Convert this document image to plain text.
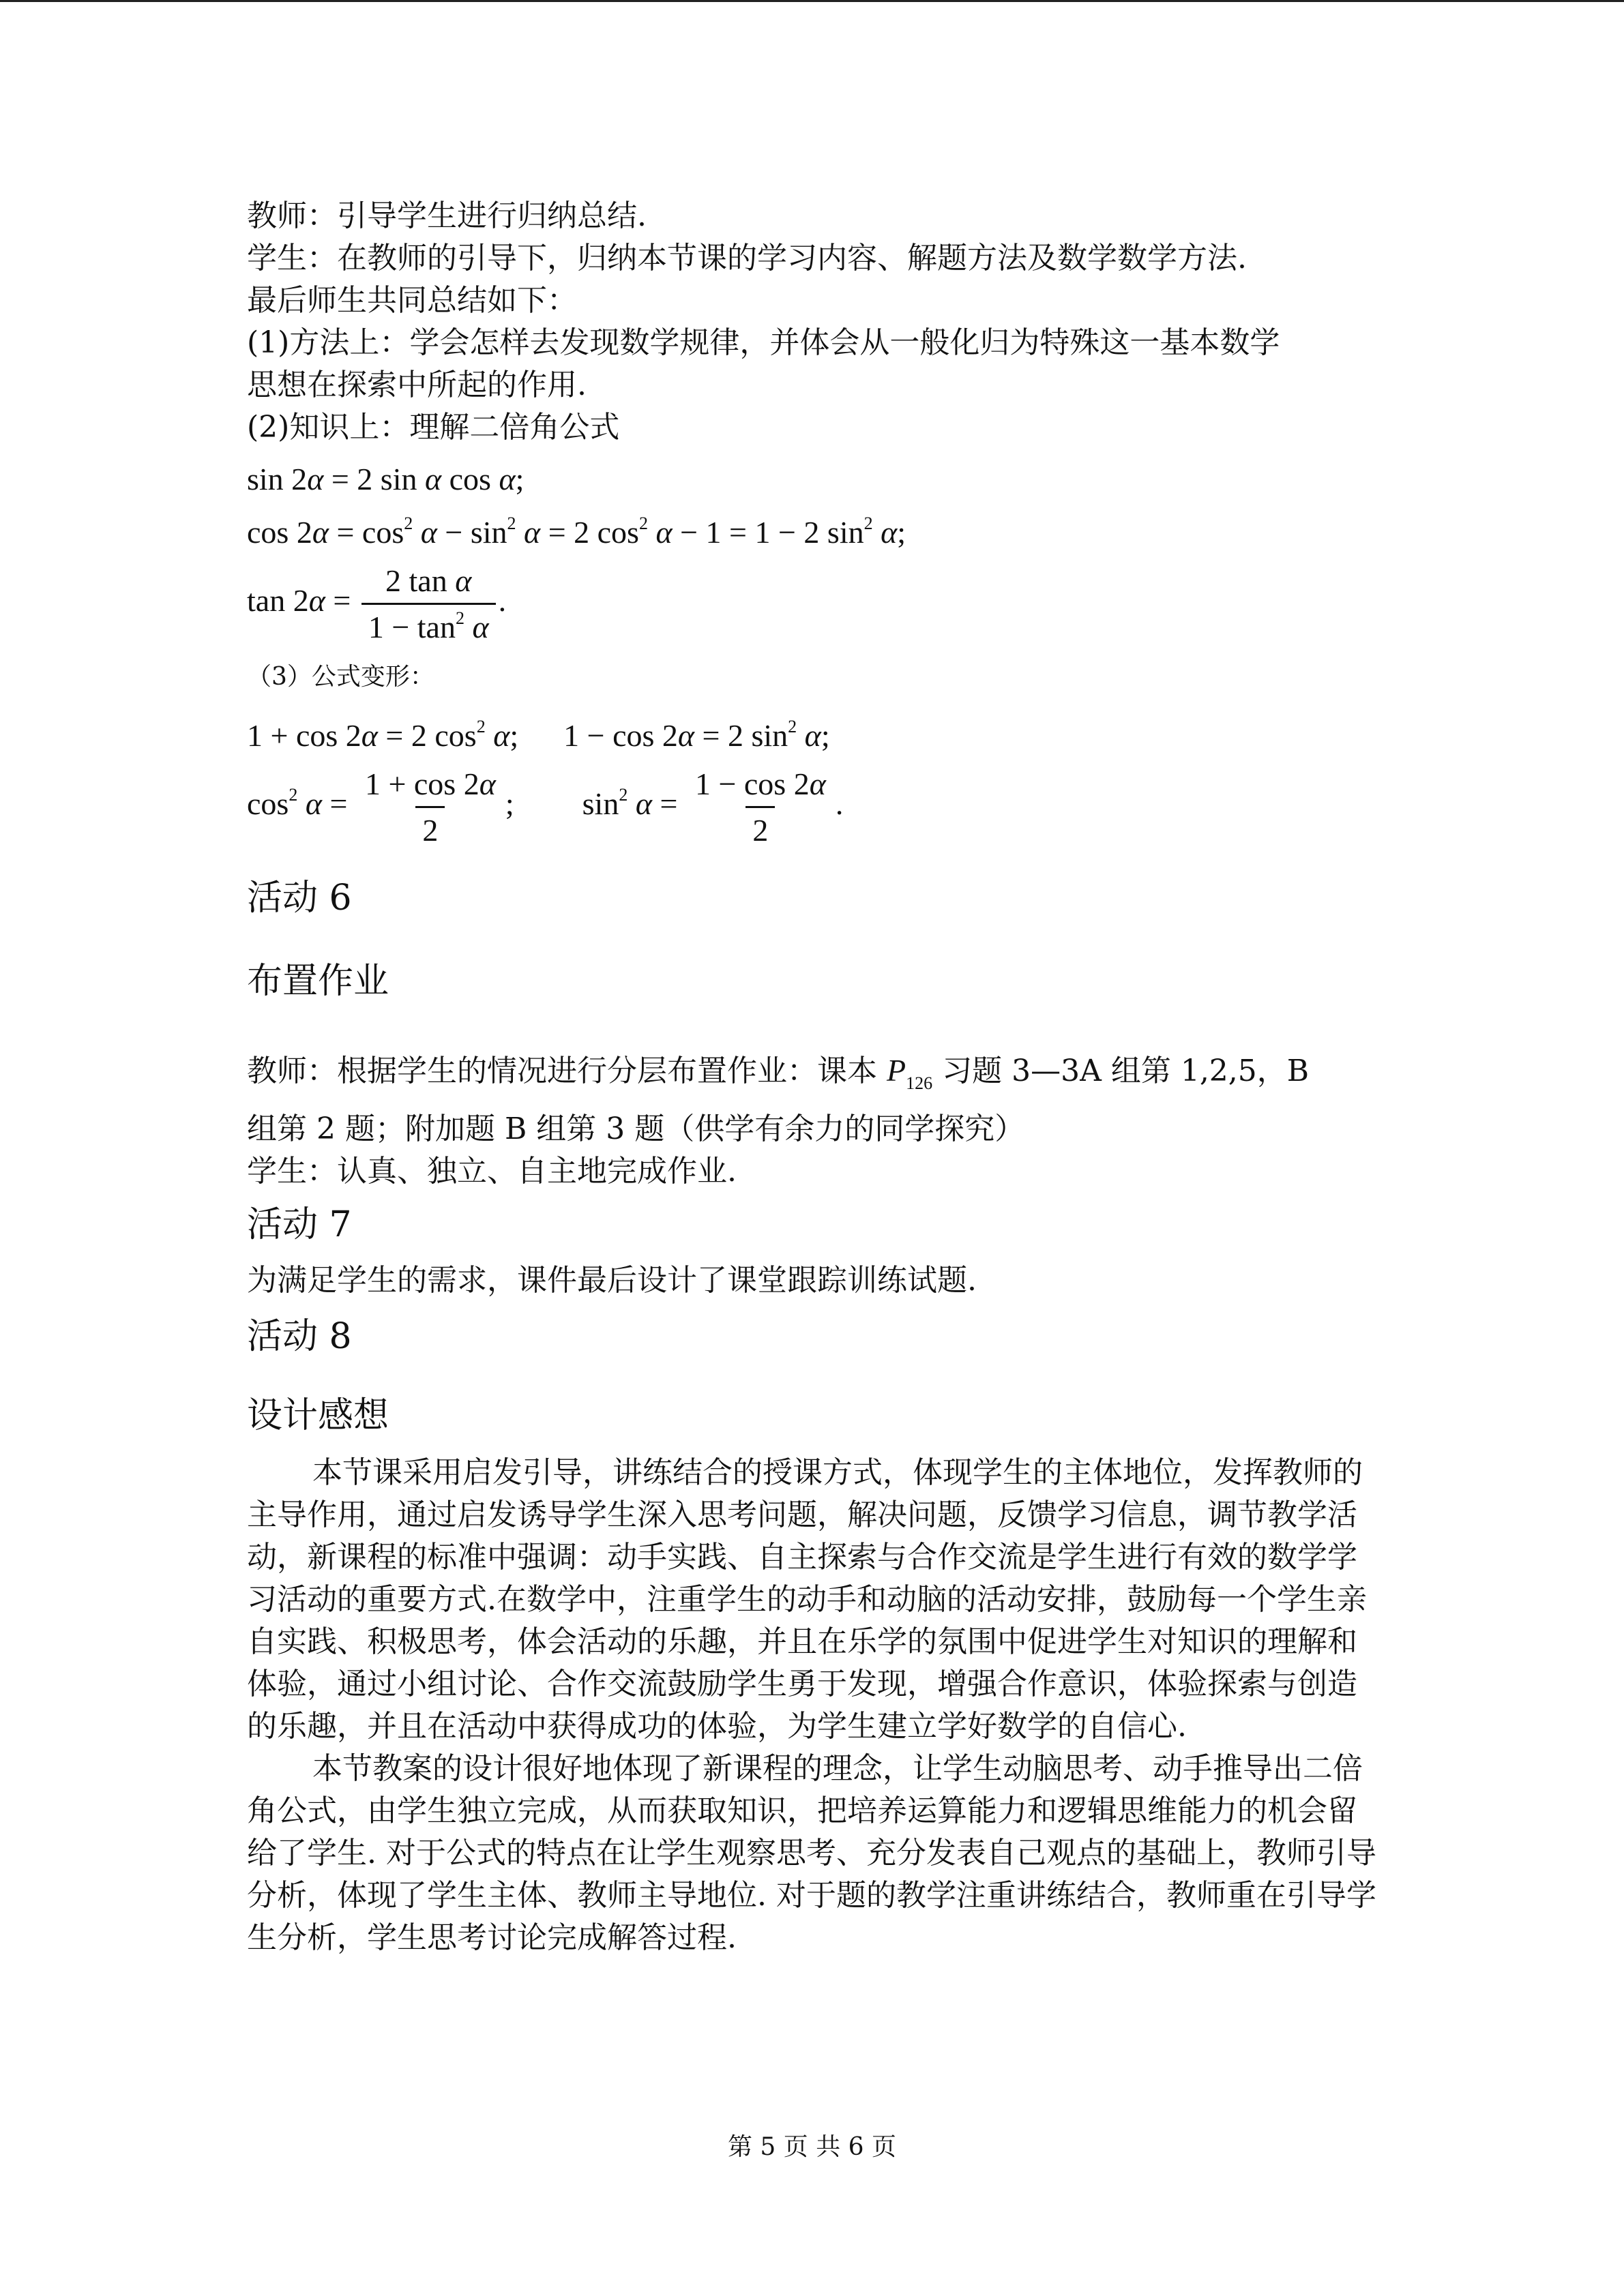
教师：引导学生进行归纳总结.

学生：在教师的引导下，归纳本节课的学习内容、解题方法及数学数学方法.

最后师生共同总结如下：

(1)方法上：学会怎样去发现数学规律，并体会从一般化归为特殊这一基本数学

思想在探索中所起的作用.

(2)知识上：理解二倍角公式

sin 2α = 2 sin α cos α;
$\cos 2\alpha = \cos^2 \alpha - \sin^2 \alpha = 2$ $\cos^2 \alpha - 1 = 1 - 2$ $\sin^2 \alpha$;
$\tan 2\alpha = \frac{\text{2 tan α}}{1 - \tan^2 \alpha}$ .

（3）公式变形：

1 + cos 2α = 2 $\cos^2 \alpha$; 1 − cos 2α = 2 $\sin^2 \alpha$;
$\cos^2 \alpha = \frac{1 + \cos 2\alpha}{2}$ ; $\sin^2 \alpha = \frac{1 - \cos 2\alpha}{2}$ .

活动 6

布置作业

教师：根据学生的情况进行分层布置作业：课本 $P_{126}$ 习题 3—3A 组第 1,2,5，B

组第 2 题；附加题 B 组第 3 题（供学有余力的同学探究）

学生：认真、独立、自主地完成作业.

活动 7

为满足学生的需求，课件最后设计了课堂跟踪训练试题.

活动 8

设计感想

本节课采用启发引导，讲练结合的授课方式，体现学生的主体地位，发挥教师的主导作用，通过启发诱导学生深入思考问题，解决问题，反馈学习信息，调节教学活动，新课程的标准中强调：动手实践、自主探索与合作交流是学生进行有效的数学学习活动的重要方式.在数学中，注重学生的动手和动脑的活动安排，鼓励每一个学生亲自实践、积极思考，体会活动的乐趣，并且在乐学的氛围中促进学生对知识的理解和体验，通过小组讨论、合作交流鼓励学生勇于发现，增强合作意识，体验探索与创造的乐趣，并且在活动中获得成功的体验，为学生建立学好数学的自信心.

本节教案的设计很好地体现了新课程的理念，让学生动脑思考、动手推导出二倍角公式，由学生独立完成，从而获取知识，把培养运算能力和逻辑思维能力的机会留给了学生. 对于公式的特点在让学生观察思考、充分发表自己观点的基础上，教师引导分析，体现了学生主体、教师主导地位. 对于题的教学注重讲练结合，教师重在引导学生分析，学生思考讨论完成解答过程.

第 5 页 共 6 页
